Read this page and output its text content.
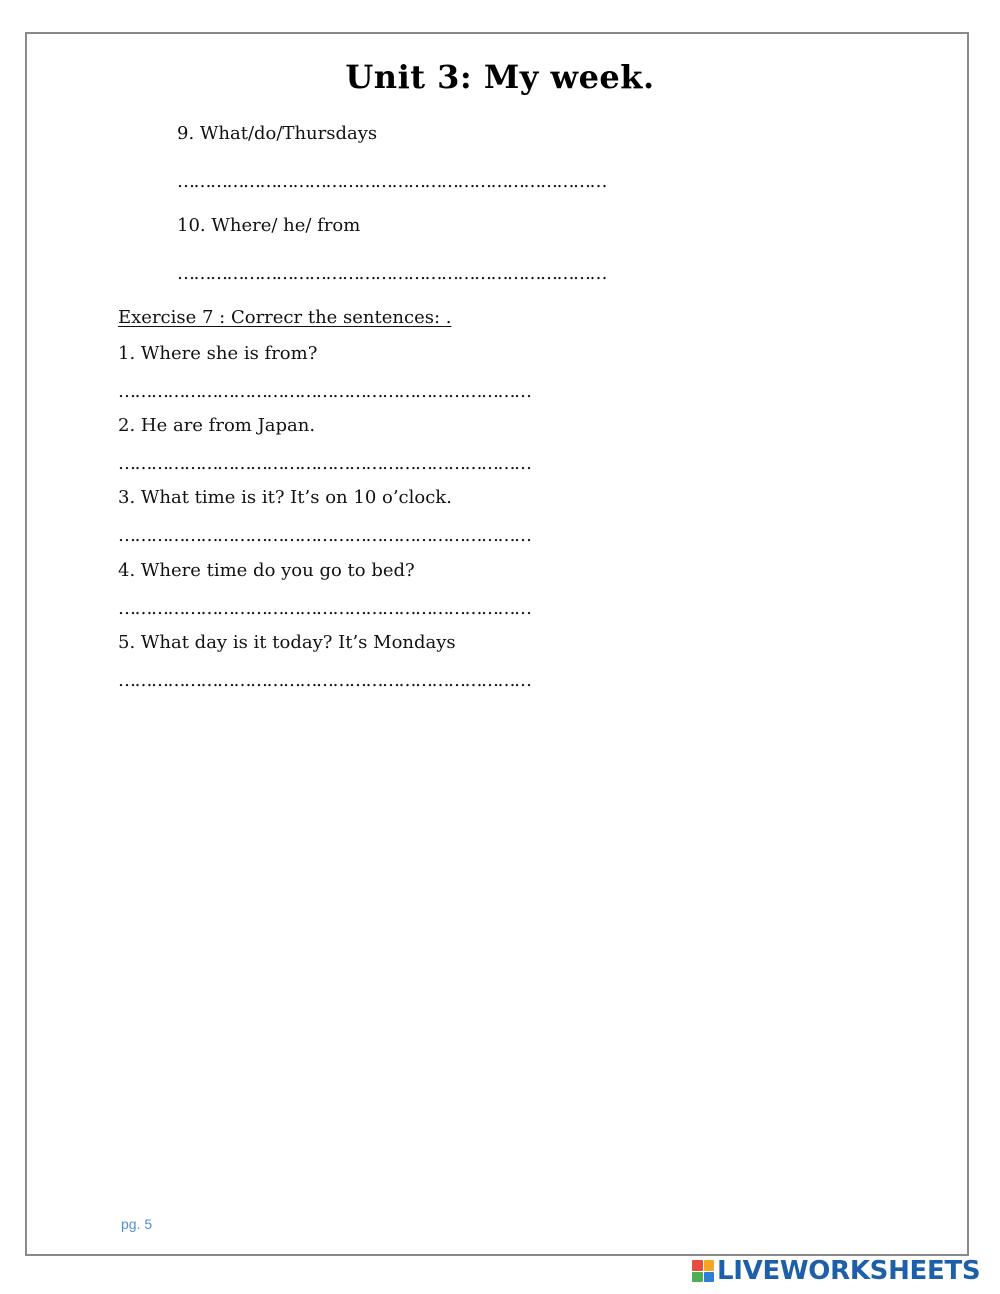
Unit 3: My week.
9. What/do/Thursdays
……………………………………………………………………
10. Where/ he/ from
……………………………………………………………………
Exercise 7 : Correcr the sentences: .
1. Where she is from?
…………………………………………………………………
2. He are from Japan.
…………………………………………………………………
3. What time is it? It’s on 10 o’clock.
…………………………………………………………………
4. Where time do you go to bed?
…………………………………………………………………
5. What day is it today? It’s Mondays
…………………………………………………………………
pg. 5
LIVEWORKSHEETS
